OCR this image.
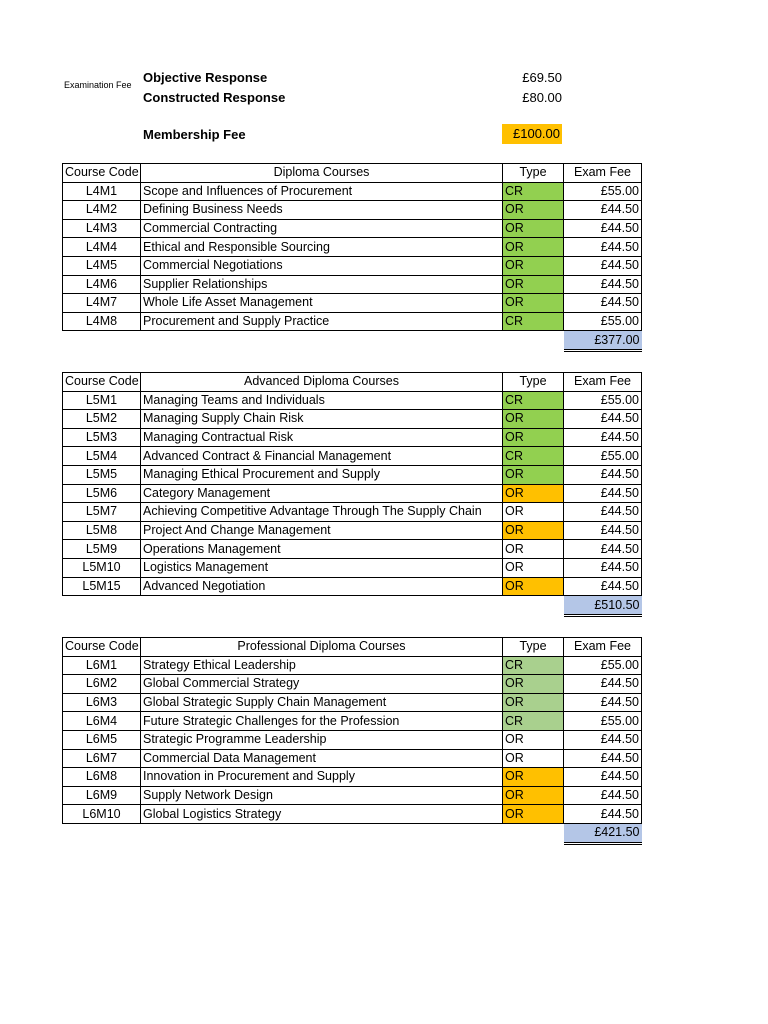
Examination Fee Objective Response	£69.50
Constructed Response	£80.00
Membership Fee	£100.00
Course Code	Diploma Courses	Type	Exam Fee
L4M1	Scope and Influences of Procurement	CR	£55.00
L4M2	Defining Business Needs	OR	£44.50
L4M3	Commercial Contracting	OR	£44.50
L4M4	Ethical and Responsible Sourcing	OR	£44.50
L4M5	Commercial Negotiations	OR	£44.50
L4M6	Supplier Relationships	OR	£44.50
L4M7	Whole Life Asset Management	OR	£44.50
L4M8	Procurement and Supply Practice	CR	£55.00
			£377.00
Course Code	Advanced Diploma Courses	Type	Exam Fee
L5M1	Managing Teams and Individuals	CR	£55.00
L5M2	Managing Supply Chain Risk	OR	£44.50
L5M3	Managing Contractual Risk	OR	£44.50
L5M4	Advanced Contract & Financial Management	CR	£55.00
L5M5	Managing Ethical Procurement and Supply	OR	£44.50
L5M6	Category Management	OR	£44.50
L5M7	Achieving Competitive Advantage Through The Supply Chain	OR	£44.50
L5M8	Project And Change Management	OR	£44.50
L5M9	Operations Management	OR	£44.50
L5M10	Logistics Management	OR	£44.50
L5M15	Advanced Negotiation	OR	£44.50
			£510.50
Course Code	Professional Diploma Courses	Type	Exam Fee
L6M1	Strategy Ethical Leadership	CR	£55.00
L6M2	Global Commercial Strategy	OR	£44.50
L6M3	Global Strategic Supply Chain Management	OR	£44.50
L6M4	Future Strategic Challenges for the Profession	CR	£55.00
L6M5	Strategic Programme Leadership	OR	£44.50
L6M7	Commercial Data Management	OR	£44.50
L6M8	Innovation in Procurement and Supply	OR	£44.50
L6M9	Supply Network Design	OR	£44.50
L6M10	Global Logistics Strategy	OR	£44.50
			£421.50
